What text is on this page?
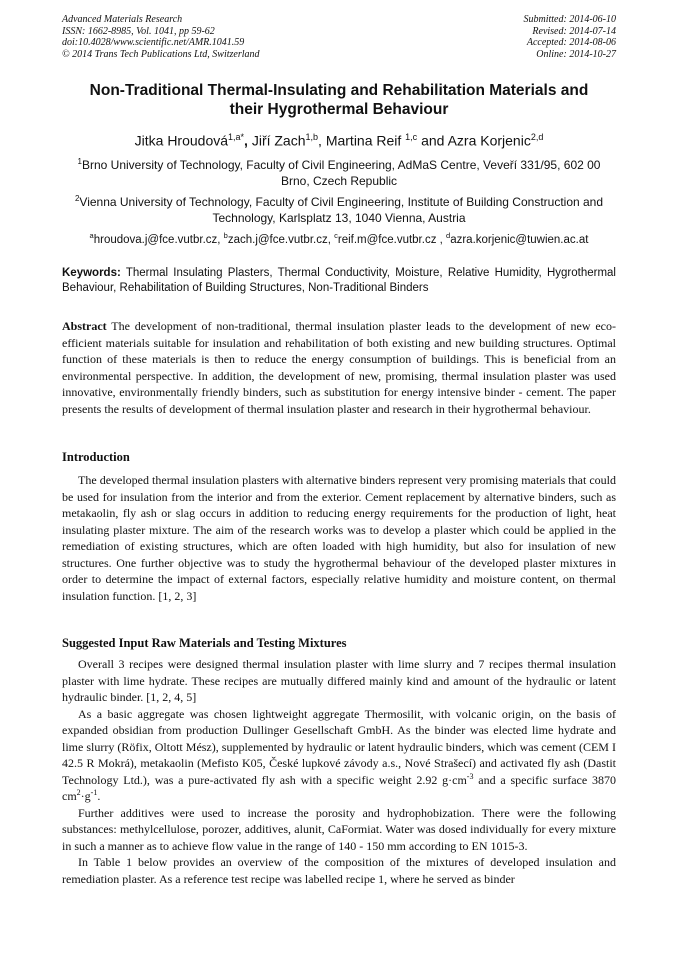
Advanced Materials Research
ISSN: 1662-8985, Vol. 1041, pp 59-62
doi:10.4028/www.scientific.net/AMR.1041.59
© 2014 Trans Tech Publications Ltd, Switzerland
Submitted: 2014-06-10
Revised: 2014-07-14
Accepted: 2014-08-06
Online: 2014-10-27
Non-Traditional Thermal-Insulating and Rehabilitation Materials and
their Hygrothermal Behaviour
Jitka Hroudová$^{1,a*}$, Jiří Zach$^{1,b}$, Martina Reif $^{1,c}$ and Azra Korjenic$^{2,d}$
$^1$Brno University of Technology, Faculty of Civil Engineering, AdMaS Centre, Veveří 331/95, 602 00 Brno, Czech Republic
$^2$Vienna University of Technology, Faculty of Civil Engineering, Institute of Building Construction and Technology, Karlsplatz 13, 1040 Vienna, Austria
$^a$hroudova.j@fce.vutbr.cz, $^b$zach.j@fce.vutbr.cz, $^c$reif.m@fce.vutbr.cz , $^d$azra.korjenic@tuwien.ac.at
Keywords: Thermal Insulating Plasters, Thermal Conductivity, Moisture, Relative Humidity, Hygrothermal Behaviour, Rehabilitation of Building Structures, Non-Traditional Binders
Abstract The development of non-traditional, thermal insulation plaster leads to the development of new eco-efficient materials suitable for insulation and rehabilitation of both existing and new building structures. Optimal function of these materials is then to reduce the energy consumption of buildings. This is beneficial from an environmental perspective. In addition, the development of new, promising, thermal insulation plaster was used innovative, environmentally friendly binders, such as substitution for energy intensive binder - cement. The paper presents the results of development of thermal insulation plaster and research in their hygrothermal behaviour.
Introduction

The developed thermal insulation plasters with alternative binders represent very promising materials that could be used for insulation from the interior and from the exterior. Cement replacement by alternative binders, such as metakaolin, fly ash or slag occurs in addition to reducing energy requirements for the production of light, heat insulating plaster mixture. The aim of the research works was to develop a plaster which could be applied in the remediation of existing structures, which are often loaded with high humidity, but also for insulation of new structures. One further objective was to study the hygrothermal behaviour of the developed plaster mixtures in order to determine the impact of external factors, especially relative humidity and moisture content, on thermal insulation function. [1, 2, 3]

Suggested Input Raw Materials and Testing Mixtures

Overall 3 recipes were designed thermal insulation plaster with lime slurry and 7 recipes thermal insulation plaster with lime hydrate. These recipes are mutually differed mainly kind and amount of the hydraulic or latent hydraulic binder. [1, 2, 4, 5]

As a basic aggregate was chosen lightweight aggregate Thermosilit, with volcanic origin, on the basis of expanded obsidian from production Dullinger Gesellschaft GmbH. As the binder was elected lime hydrate and lime slurry (Röfix, Oltott Mész), supplemented by hydraulic or latent hydraulic binders, which was cement (CEM I 42.5 R Mokrá), metakaolin (Mefisto K05, České lupkové závody a.s., Nové Strašecí) and activated fly ash (Dastit Technology Ltd.), was a pure-activated fly ash with a specific weight 2.92 $g\cdot cm^{-3}$ and a specific surface 3870 $cm^2\cdot g^{-1}$.

Further additives were used to increase the porosity and hydrophobization. There were the following substances: methylcellulose, porozer, additives, alunit, CaFormiat. Water was dosed individually for every mixture in such a manner as to achieve flow value in the range of 140 - 150 mm according to EN 1015-3.

In Table 1 below provides an overview of the composition of the mixtures of developed insulation and remediation plaster. As a reference test recipe was labelled recipe 1, where he served as binder
